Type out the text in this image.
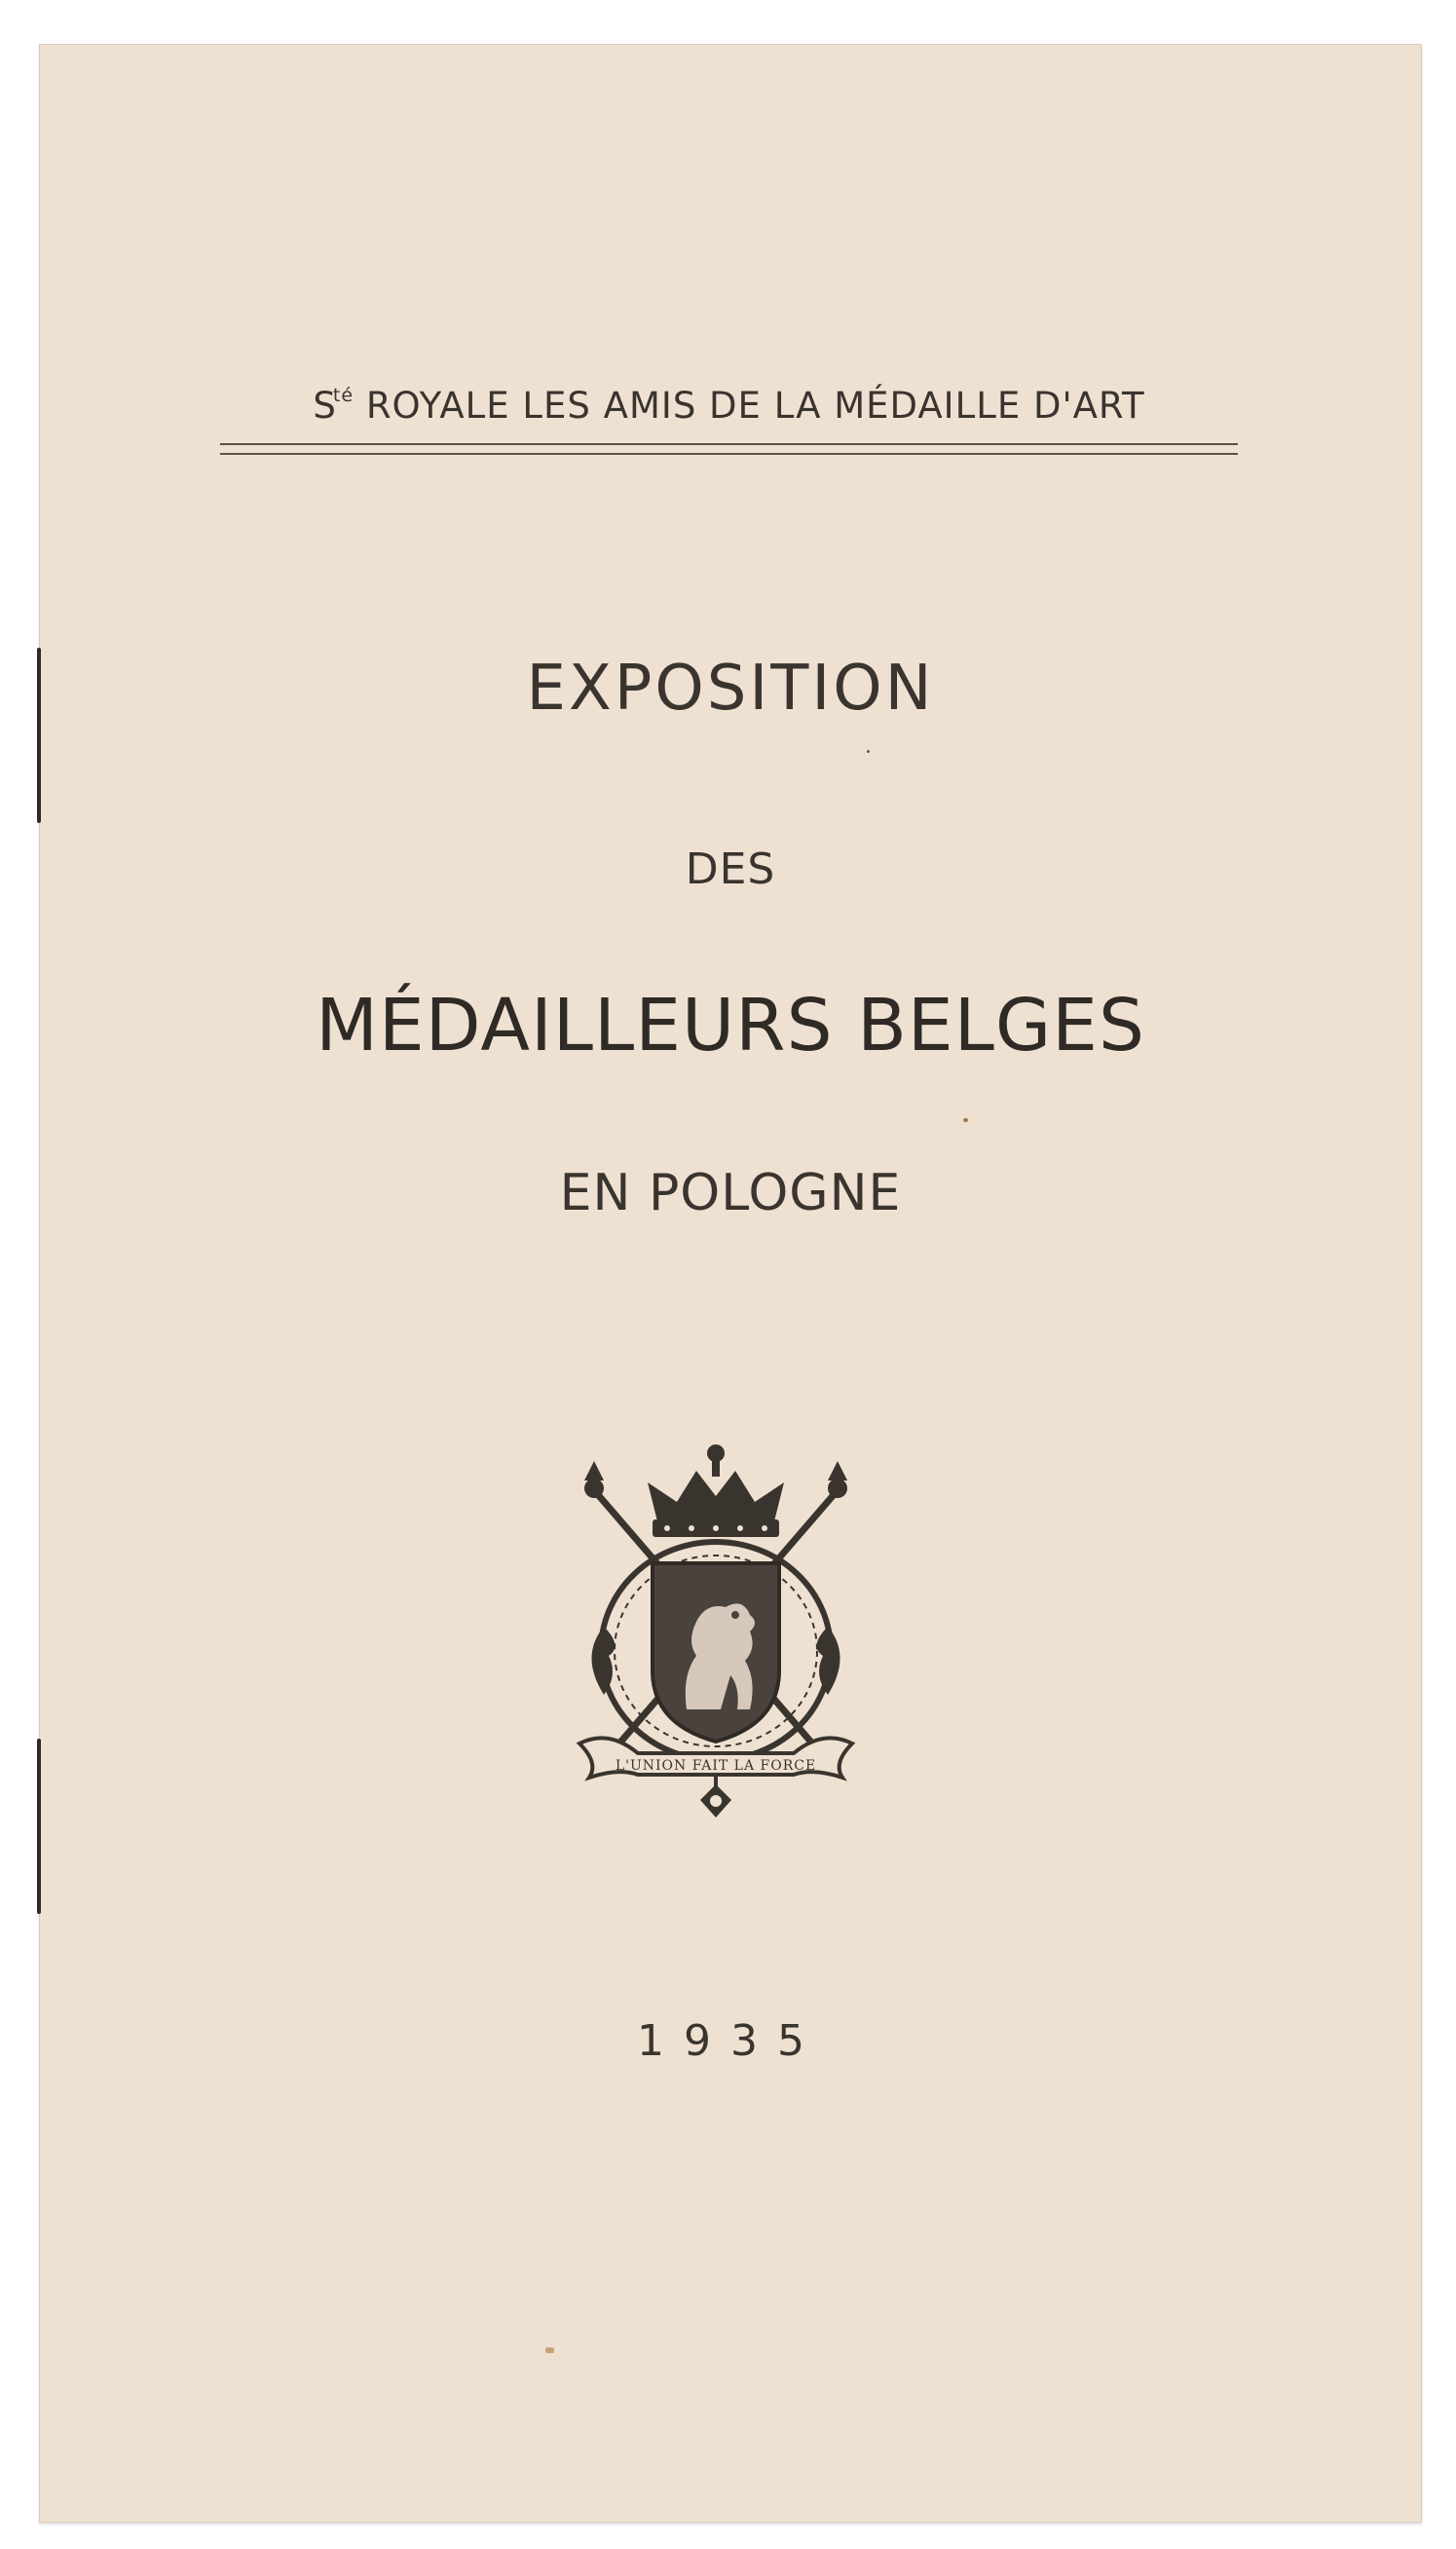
$S^{té}$ ROYALE LES AMIS DE LA MÉDAILLE D'ART
EXPOSITION
DES
MÉDAILLEURS BELGES
EN POLOGNE
L'UNION FAIT LA FORCE
1935
